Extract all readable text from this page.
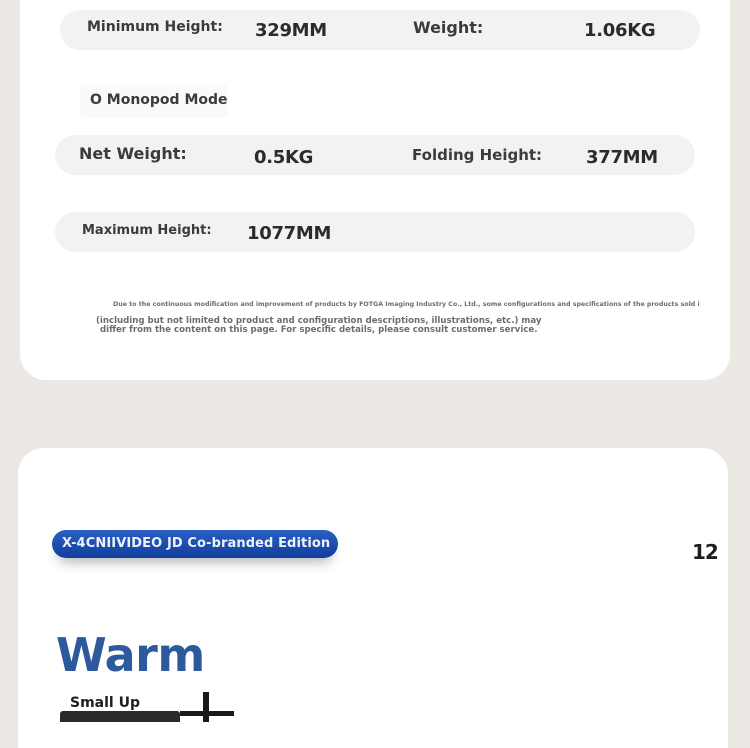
Minimum Height: 329MM	Weight:	1.06KG
O Monopod Mode
Net Weight:	0.5KG	Folding Height: 377MM
Maximum Height: 1077MM
Due to the continuous modification and improvement of products by FOTGA Imaging Industry Co., Ltd., some configurations and specifications of the products sold i
(including but not limited to product and configuration descriptions, illustrations, etc.) may
differ from the content on this page. For specific details, please consult customer service.
X-4CNIIVIDEO JD Co-branded Edition	12
Warm
Small Up
